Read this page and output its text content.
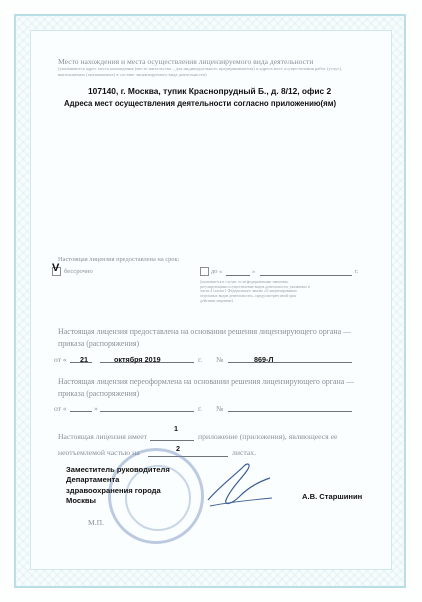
Место нахождения и места осуществления лицензируемого вида деятельности
(указываются адрес места нахождения (место жительства – для индивидуального предпринимателя) и адреса мест осуществления работ (услуг), выполняемых (оказываемых) в составе лицензируемого вида деятельности)
107140, г. Москва, тупик Краснопрудный Б., д. 8/12, офис 2
Адреса мест осуществления деятельности согласно приложению(ям)
Настоящая лицензия предоставлена на срок:
V бессрочно	до «	»	г.
(указывается в случае, если федеральными законами, регулирующими осуществление видов деятельности, указанных в части 4 статьи 1 Федерального закона «О лицензировании отдельных видов деятельности», предусмотрен иной срок действия лицензии)
Настоящая лицензия предоставлена на основании решения лицензирующего органа — приказа (распоряжения)
от « 21	октября 2019	г. №	869-Л
Настоящая лицензия переоформлена на основании решения лицензирующего органа — приказа (распоряжения)
от «	»	г. №
Настоящая лицензия имеет
1
приложение (приложения), являющееся ее
неотъемлемой частью на	2	листах.
Заместитель руководителя
Департамента
здравоохранения города
Москвы	А.В. Старшинин
М.П.
